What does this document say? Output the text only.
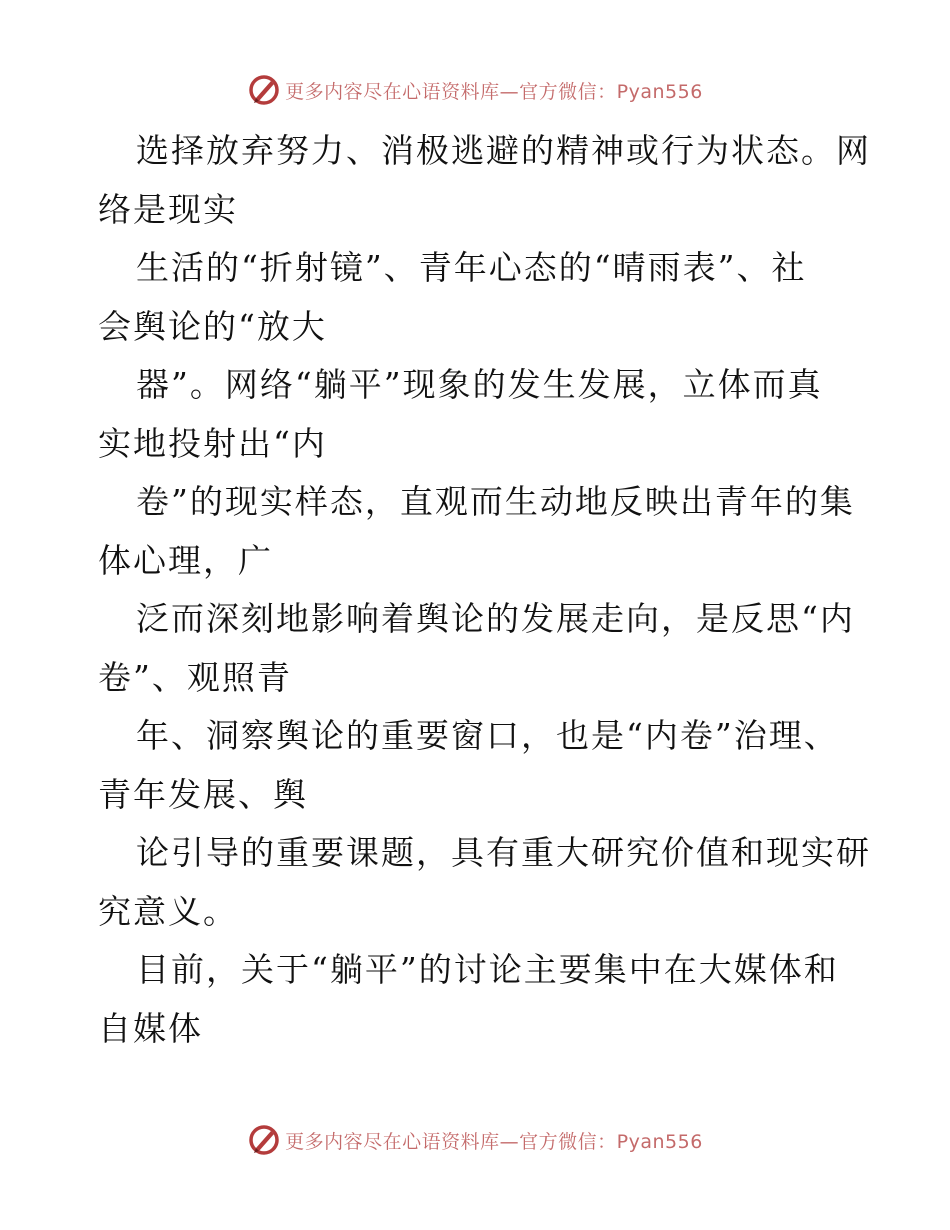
更多内容尽在心语资料库—官方微信：Pyan556
选择放弃努力、消极逃避的精神或行为状态。网
络是现实
生活的“折射镜”、青年心态的“晴雨表”、社
会舆论的“放大
器”。网络“躺平”现象的发生发展，立体而真
实地投射出“内
卷”的现实样态，直观而生动地反映出青年的集
体心理，广
泛而深刻地影响着舆论的发展走向，是反思“内
卷”、观照青
年、洞察舆论的重要窗口，也是“内卷”治理、
青年发展、舆
论引导的重要课题，具有重大研究价值和现实研
究意义。
目前，关于“躺平”的讨论主要集中在大媒体和
自媒体
更多内容尽在心语资料库—官方微信：Pyan556
